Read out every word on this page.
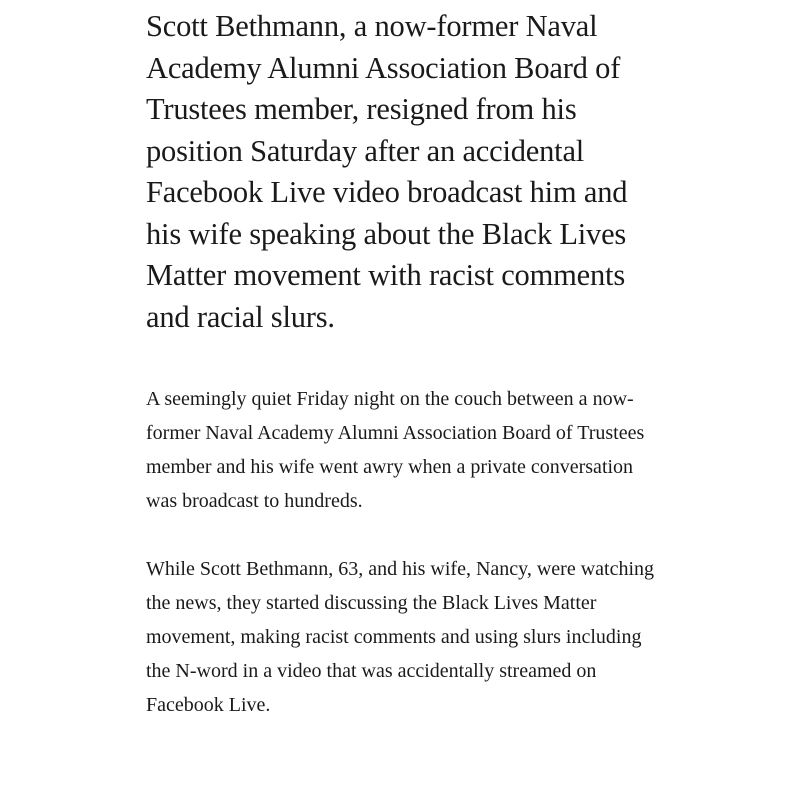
Scott Bethmann, a now-former Naval Academy Alumni Association Board of Trustees member, resigned from his position Saturday after an accidental Facebook Live video broadcast him and his wife speaking about the Black Lives Matter movement with racist comments and racial slurs.

A seemingly quiet Friday night on the couch between a now-former Naval Academy Alumni Association Board of Trustees member and his wife went awry when a private conversation was broadcast to hundreds.

While Scott Bethmann, 63, and his wife, Nancy, were watching the news, they started discussing the Black Lives Matter movement, making racist comments and using slurs including the N-word in a video that was accidentally streamed on Facebook Live.
